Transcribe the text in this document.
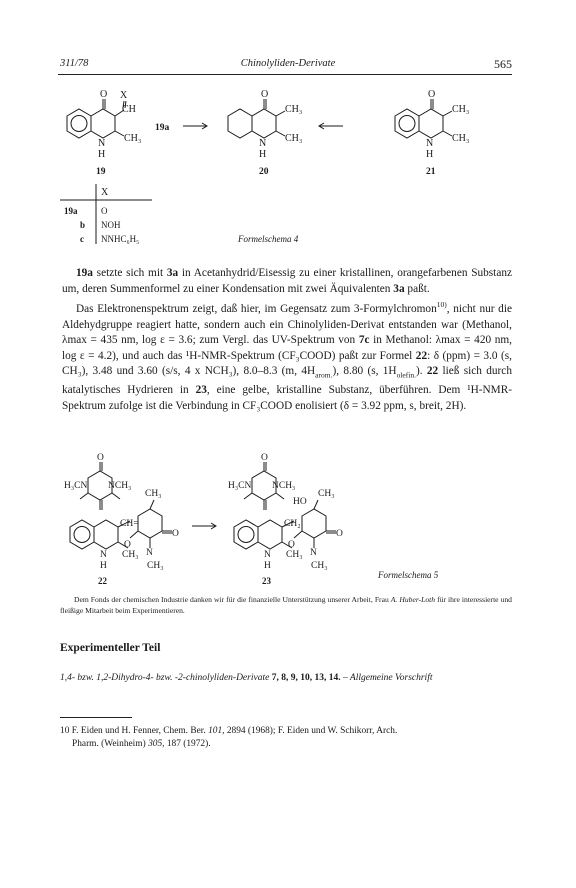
311/78	Chinolyliden-Derivate	565
O X
CH
CH₃
N
H
19
19a
O
CH₃
CH₃
N
H
20
O
CH₃
CH₃
N
H
21
X
19a	O
b NOH
c NNHC₆H₅	Formelschema 4

19a setzte sich mit 3a in Acetanhydrid/Eisessig zu einer kristallinen, orangefarbenen Substanz um, deren Summenformel zu einer Kondensation mit zwei Äquivalenten 3a paßt.

Das Elektronenspektrum zeigt, daß hier, im Gegensatz zum 3-Formylchromon$^{10)}$, nicht nur die Aldehydgruppe reagiert hatte, sondern auch ein Chinolyliden-Derivat entstanden war (Methanol, λmax = 435 nm, log ε = 3.6; zum Vergl. das UV-Spektrum von 7c in Methanol: λmax = 420 nm, log ε = 4.2), und auch das ¹H-NMR-Spektrum (CF₃COOD) paßt zur Formel 22: δ (ppm) = 3.0 (s, CH₃), 3.48 und 3.60 (s/s, 4 x NCH₃), 8.0–8.3 (m, $4H_{arom.}$), 8.80 (s, $1H_{olefin.}$). 22 ließ sich durch katalytisches Hydrieren in 23, eine gelbe, kristalline Substanz, überführen. Dem ¹H-NMR-Spektrum zufolge ist die Verbindung in CF₃COOD enolisiert (δ = 3.92 ppm, s, breit, 2H).

O
H₃CN NCH₃
CH₃
CH=
O
N
CH₃
O
N CH₃
H
22
O
H₃CN NCH₃
HO
CH₃
CH₂
O
N
CH₃
O
N CH₃
H
23
Formelschema 5
Dem Fonds der chemischen Industrie danken wir für die finanzielle Unterstützung unserer Arbeit, Frau A. Huber-Loth für ihre interessierte und fleißige Mitarbeit beim Experimentieren.
Experimenteller Teil
1,4- bzw. 1,2-Dihydro-4- bzw. -2-chinolyliden-Derivate 7, 8, 9, 10, 13, 14. – Allgemeine Vorschrift
10 F. Eiden und H. Fenner, Chem. Ber. 101, 2894 (1968); F. Eiden und W. Schikorr, Arch.
Pharm. (Weinheim) 305, 187 (1972).
